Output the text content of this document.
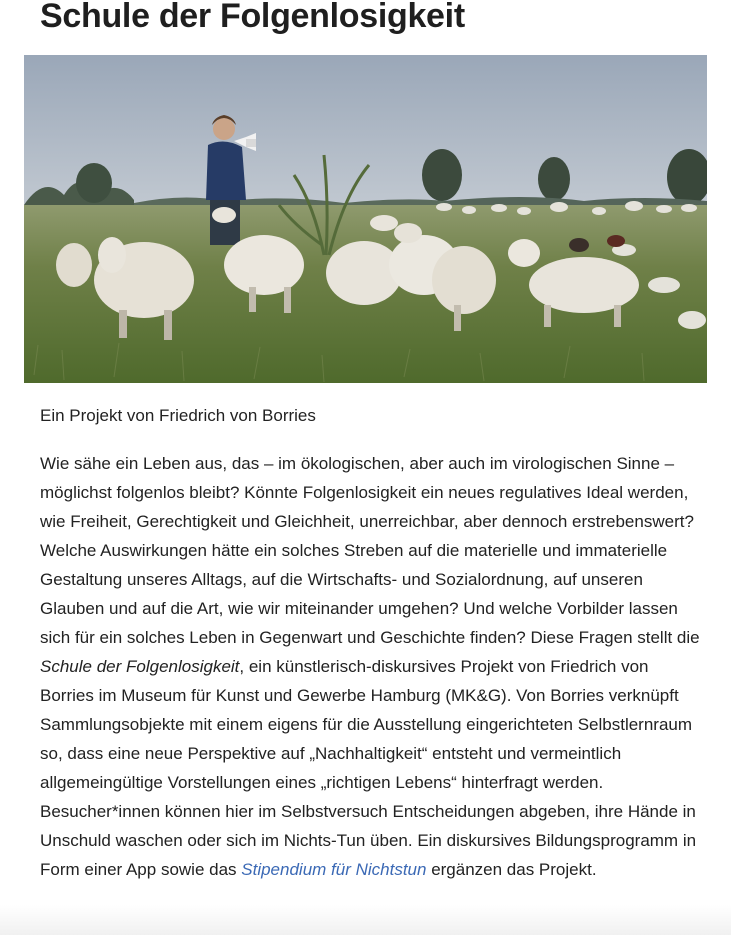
Schule der Folgenlosigkeit

Ein Projekt von Friedrich von Borries

Wie sähe ein Leben aus, das – im ökologischen, aber auch im virologischen Sinne – möglichst folgenlos bleibt? Könnte Folgenlosigkeit ein neues regulatives Ideal werden, wie Freiheit, Gerechtigkeit und Gleichheit, unerreichbar, aber dennoch erstrebenswert? Welche Auswirkungen hätte ein solches Streben auf die materielle und immaterielle Gestaltung unseres Alltags, auf die Wirtschafts- und Sozialordnung, auf unseren Glauben und auf die Art, wie wir miteinander umgehen? Und welche Vorbilder lassen sich für ein solches Leben in Gegenwart und Geschichte finden? Diese Fragen stellt die Schule der Folgenlosigkeit, ein künstlerisch-diskursives Projekt von Friedrich von Borries im Museum für Kunst und Gewerbe Hamburg (MK&G). Von Borries verknüpft Sammlungsobjekte mit einem eigens für die Ausstellung eingerichteten Selbstlernraum so, dass eine neue Perspektive auf „Nachhaltigkeit“ entsteht und vermeintlich allgemeingültige Vorstellungen eines „richtigen Lebens“ hinterfragt werden. Besucher*innen können hier im Selbstversuch Entscheidungen abgeben, ihre Hände in Unschuld waschen oder sich im Nichts-Tun üben. Ein diskursives Bildungsprogramm in Form einer App sowie das Stipendium für Nichtstun ergänzen das Projekt.
